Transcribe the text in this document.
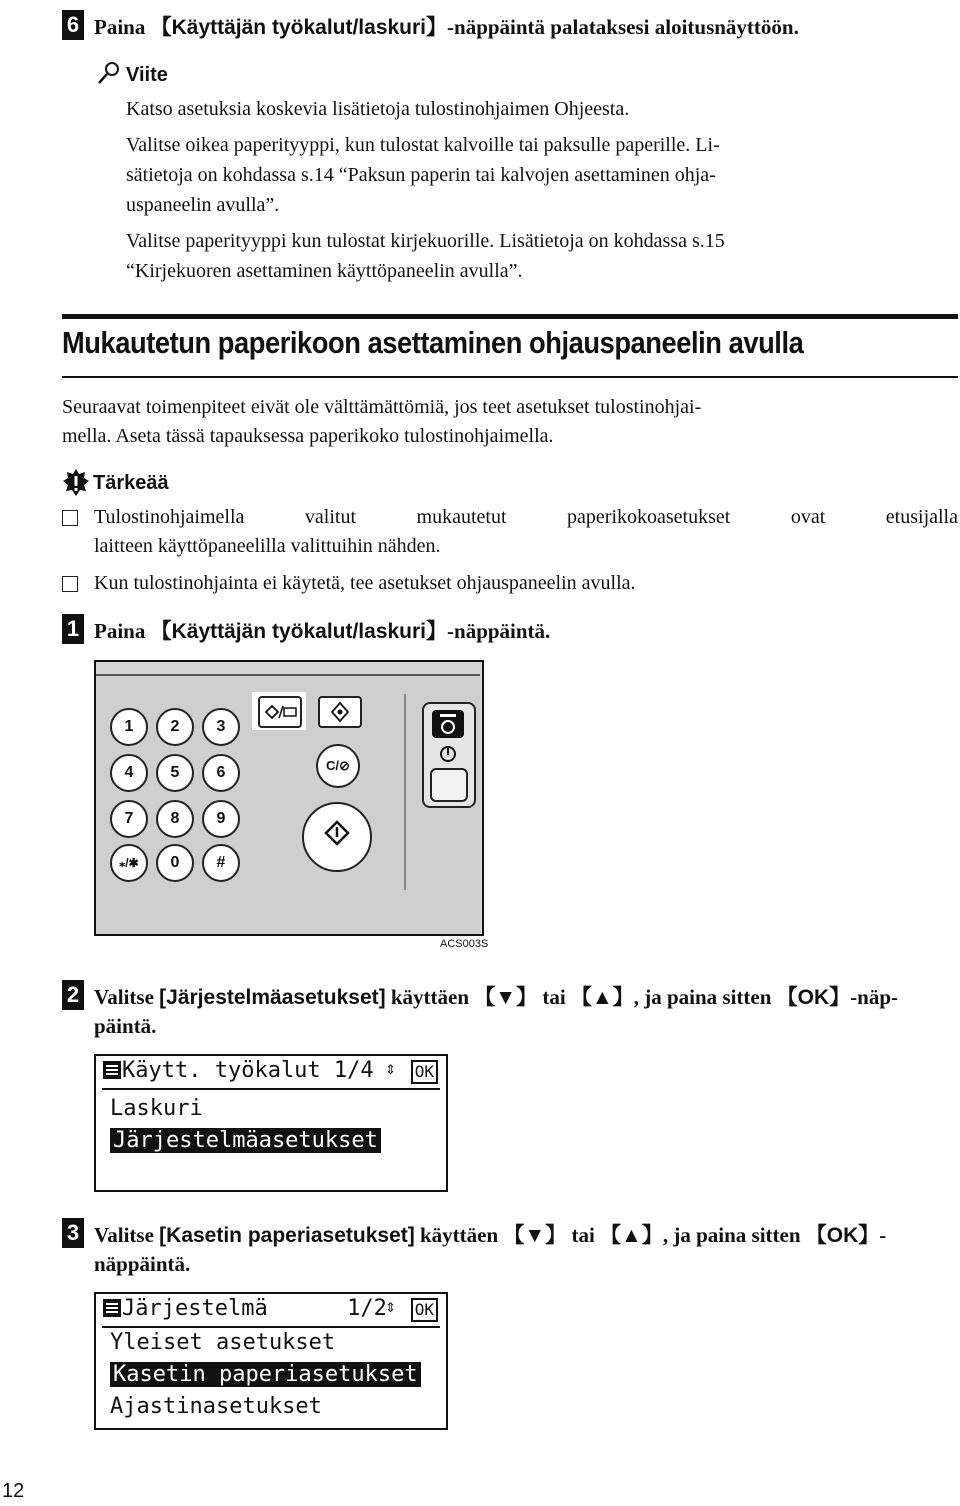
6 Paina 【Käyttäjän työkalut/laskuri】-näppäintä palataksesi aloitusnäyttöön.
Viite
Katso asetuksia koskevia lisätietoja tulostinohjaimen Ohjeesta.
Valitse oikea paperityyppi, kun tulostat kalvoille tai paksulle paperille. Li-
sätietoja on kohdassa s.14 “Paksun paperin tai kalvojen asettaminen ohja-
uspaneelin avulla”.
Valitse paperityyppi kun tulostat kirjekuorille. Lisätietoja on kohdassa s.15
“Kirjekuoren asettaminen käyttöpaneelin avulla”.
Mukautetun paperikoon asettaminen ohjauspaneelin avulla
Seuraavat toimenpiteet eivät ole välttämättömiä, jos teet asetukset tulostinohjai-
mella. Aseta tässä tapauksessa paperikoko tulostinohjaimella.
Tärkeää
Tulostinohjaimella valitut mukautetut paperikokoasetukset ovat etusijalla
laitteen käyttöpaneelilla valittuihin nähden.
Kun tulostinohjainta ei käytetä, tee asetukset ohjauspaneelin avulla.
1 Paina 【Käyttäjän työkalut/laskuri】-näppäintä.
1	2	3
4	5	6
7	8	9
⁎/✱	0	#
C/⊘
ACS003S
2 Valitse [Järjestelmäasetukset] käyttäen 【▼】 tai 【▲】, ja paina sitten 【OK】-näp-
päintä.
Käytt. työkalut 1/4 ⇕ OK
Laskuri
Järjestelmäasetukset
3 Valitse [Kasetin paperiasetukset] käyttäen 【▼】 tai 【▲】, ja paina sitten 【OK】-
näppäintä.
Järjestelmä      1/2
⇕ OK
Yleiset asetukset
Kasetin paperiasetukset
Ajastinasetukset
12
